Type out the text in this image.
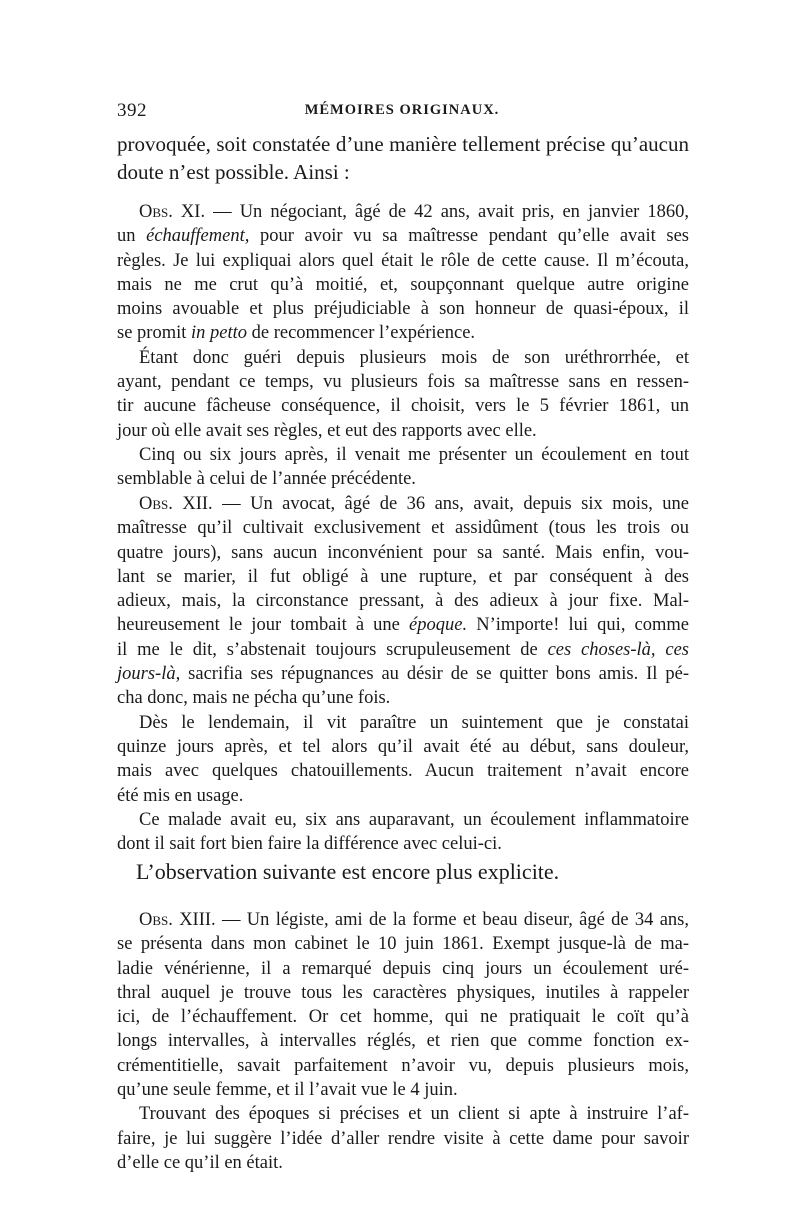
392	MÉMOIRES ORIGINAUX.
provoquée, soit constatée d’une manière tellement précise qu’aucun
doute n’est possible. Ainsi :
Obs. XI. — Un négociant, âgé de 42 ans, avait pris, en janvier 1860,
un échauffement, pour avoir vu sa maîtresse pendant qu’elle avait ses
règles. Je lui expliquai alors quel était le rôle de cette cause. Il m’écouta,
mais ne me crut qu’à moitié, et, soupçonnant quelque autre origine
moins avouable et plus préjudiciable à son honneur de quasi-époux, il
se promit in petto de recommencer l’expérience.
Étant donc guéri depuis plusieurs mois de son uréthrorrhée, et
ayant, pendant ce temps, vu plusieurs fois sa maîtresse sans en ressen-
tir aucune fâcheuse conséquence, il choisit, vers le 5 février 1861, un
jour où elle avait ses règles, et eut des rapports avec elle.
Cinq ou six jours après, il venait me présenter un écoulement en tout
semblable à celui de l’année précédente.
Obs. XII. — Un avocat, âgé de 36 ans, avait, depuis six mois, une
maîtresse qu’il cultivait exclusivement et assidûment (tous les trois ou
quatre jours), sans aucun inconvénient pour sa santé. Mais enfin, vou-
lant se marier, il fut obligé à une rupture, et par conséquent à des
adieux, mais, la circonstance pressant, à des adieux à jour fixe. Mal-
heureusement le jour tombait à une époque. N’importe! lui qui, comme
il me le dit, s’abstenait toujours scrupuleusement de ces choses-là, ces
jours-là, sacrifia ses répugnances au désir de se quitter bons amis. Il pé-
cha donc, mais ne pécha qu’une fois.
Dès le lendemain, il vit paraître un suintement que je constatai
quinze jours après, et tel alors qu’il avait été au début, sans douleur,
mais avec quelques chatouillements. Aucun traitement n’avait encore
été mis en usage.
Ce malade avait eu, six ans auparavant, un écoulement inflammatoire
dont il sait fort bien faire la différence avec celui-ci.
L’observation suivante est encore plus explicite.
Obs. XIII. — Un légiste, ami de la forme et beau diseur, âgé de 34 ans,
se présenta dans mon cabinet le 10 juin 1861. Exempt jusque-là de ma-
ladie vénérienne, il a remarqué depuis cinq jours un écoulement uré-
thral auquel je trouve tous les caractères physiques, inutiles à rappeler
ici, de l’échauffement. Or cet homme, qui ne pratiquait le coït qu’à
longs intervalles, à intervalles réglés, et rien que comme fonction ex-
crémentitielle, savait parfaitement n’avoir vu, depuis plusieurs mois,
qu’une seule femme, et il l’avait vue le 4 juin.
Trouvant des époques si précises et un client si apte à instruire l’af-
faire, je lui suggère l’idée d’aller rendre visite à cette dame pour savoir
d’elle ce qu’il en était.
